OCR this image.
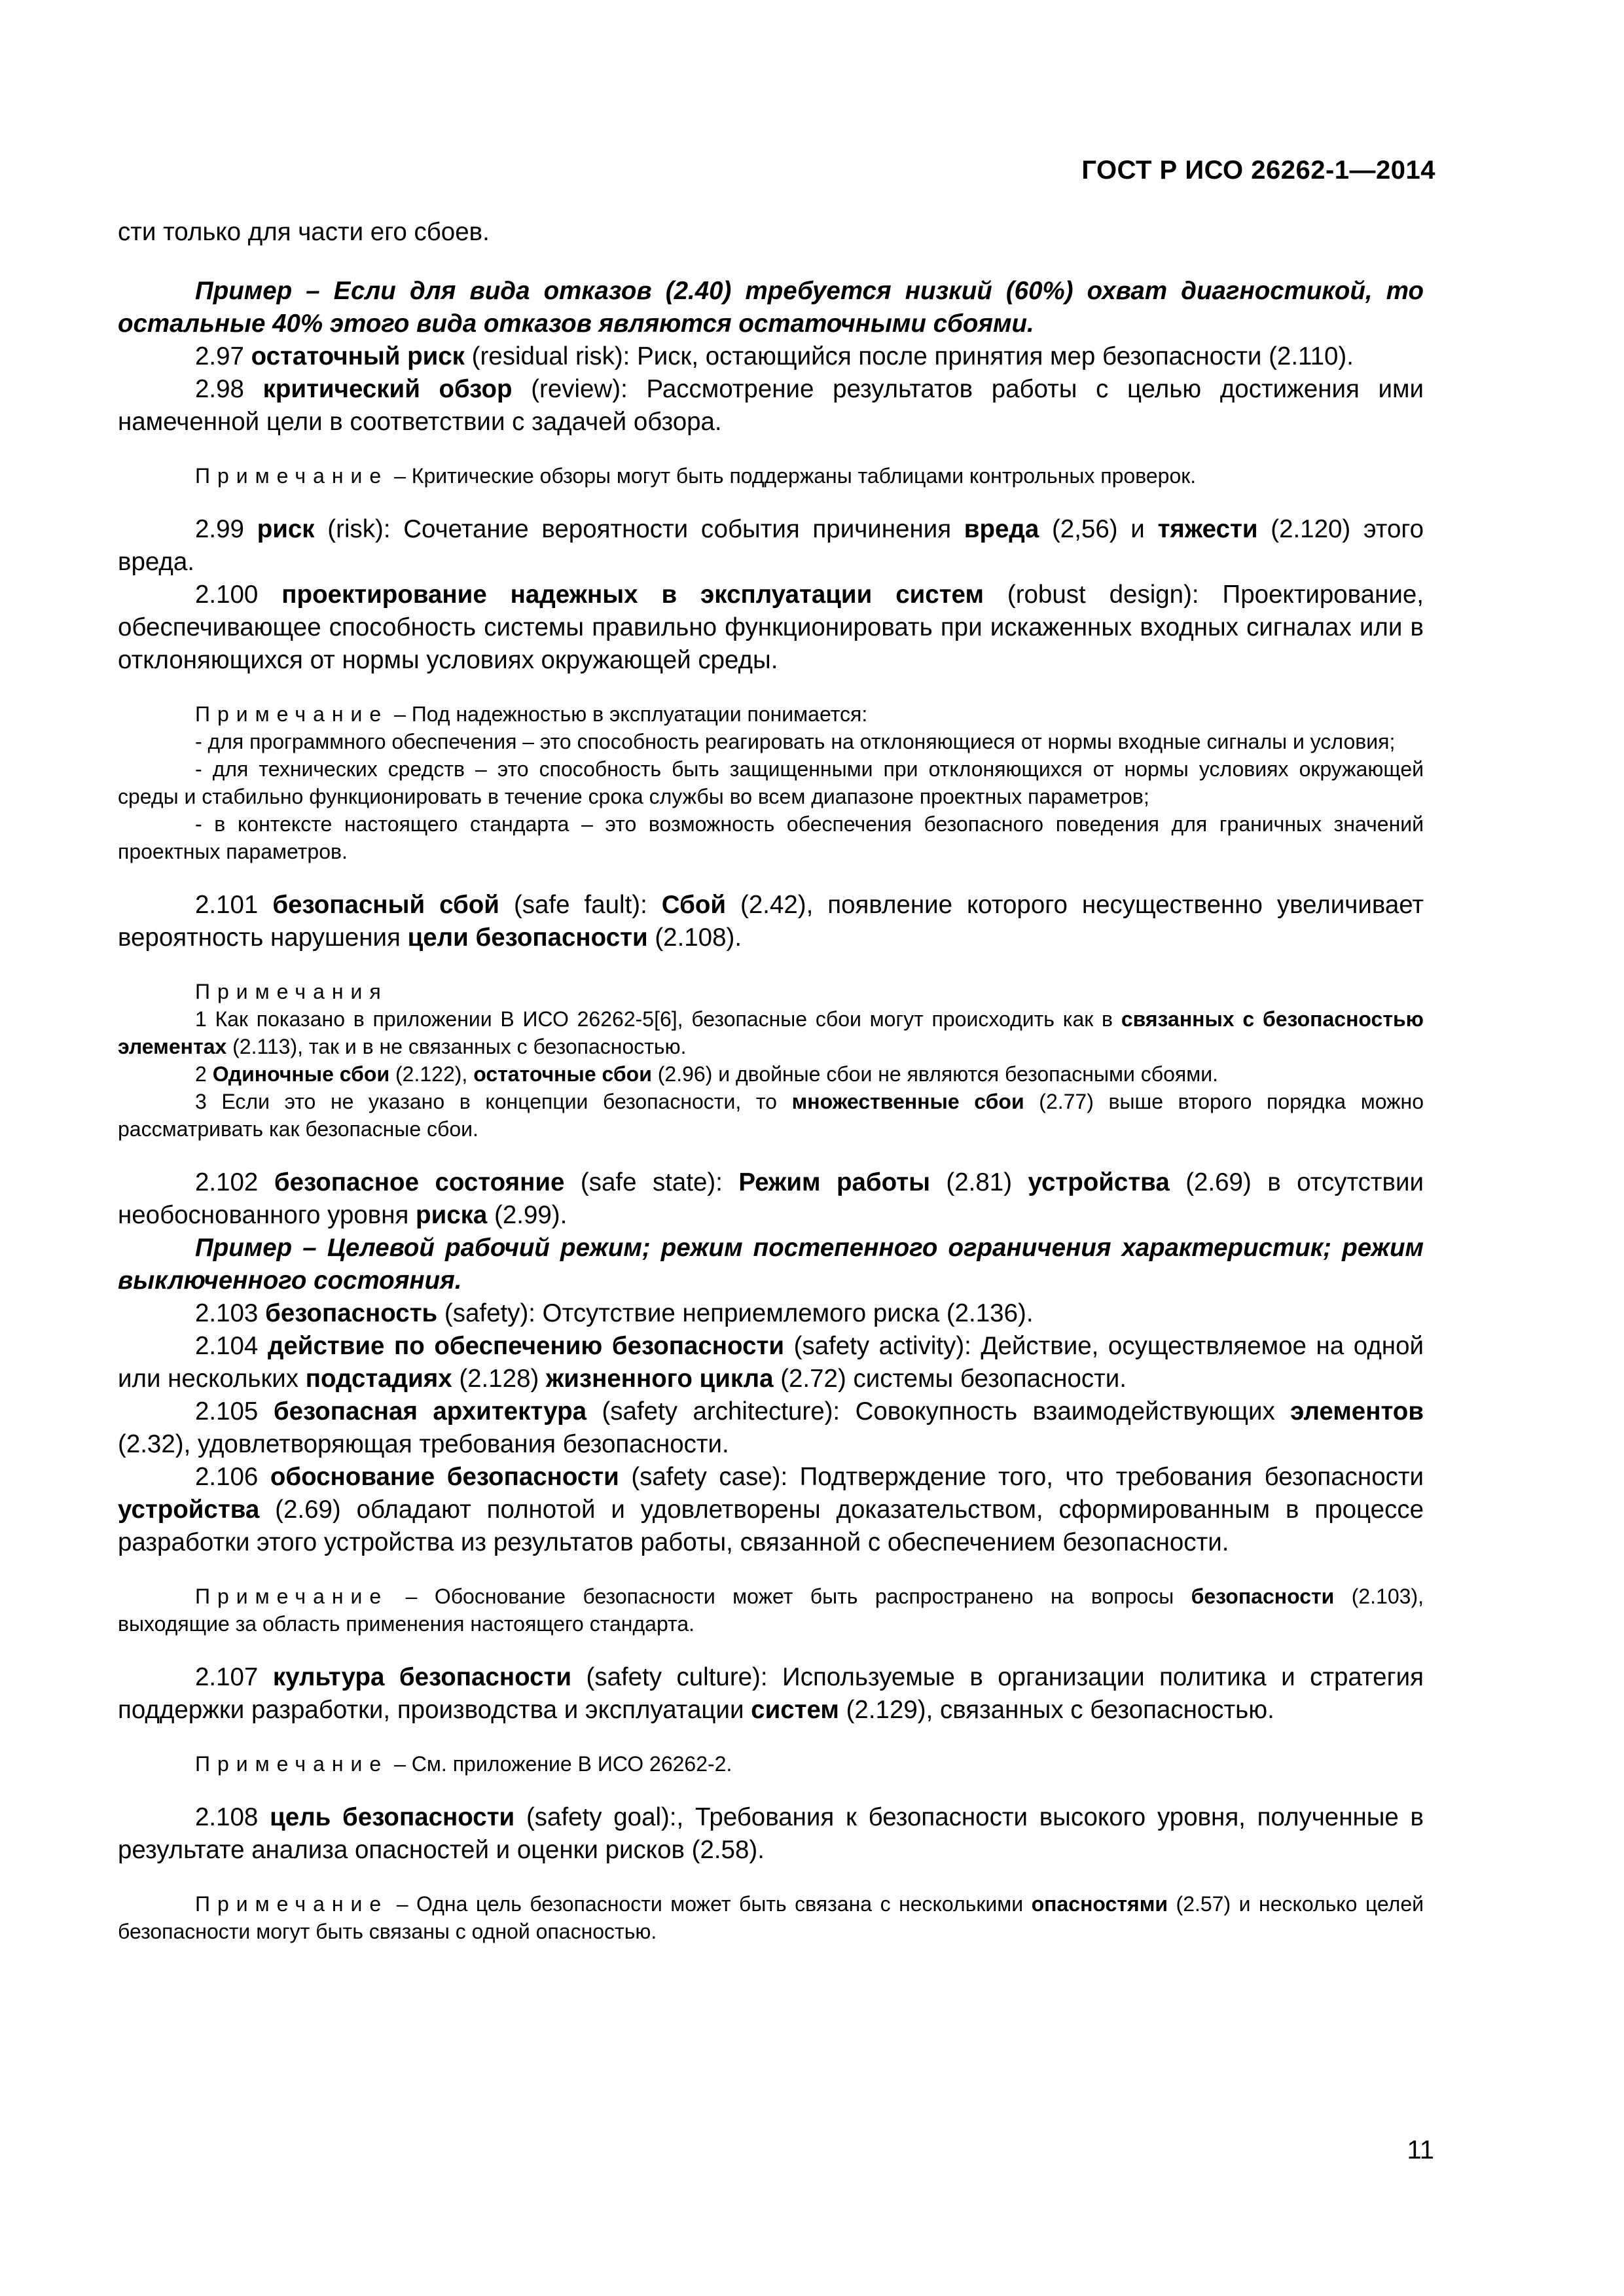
ГОСТ Р ИСО 26262-1—2014

сти только для части его сбоев.

Пример – Если для вида отказов (2.40) требуется низкий (60%) охват диагностикой, то остальные 40% этого вида отказов являются остаточными сбоями.

2.97 остаточный риск (residual risk): Риск, остающийся после принятия мер безопасности (2.110).

2.98 критический обзор (review): Рассмотрение результатов работы с целью достижения ими намеченной цели в соответствии с задачей обзора.

Примечание – Критические обзоры могут быть поддержаны таблицами контрольных проверок.

2.99 риск (risk): Сочетание вероятности события причинения вреда (2,56) и тяжести (2.120) этого вреда.

2.100 проектирование надежных в эксплуатации систем (robust design): Проектирование, обеспечивающее способность системы правильно функционировать при искаженных входных сигналах или в отклоняющихся от нормы условиях окружающей среды.

Примечание – Под надежностью в эксплуатации понимается:

- для программного обеспечения – это способность реагировать на отклоняющиеся от нормы входные сигналы и условия;

- для технических средств – это способность быть защищенными при отклоняющихся от нормы условиях окружающей среды и стабильно функционировать в течение срока службы во всем диапазоне проектных параметров;

- в контексте настоящего стандарта – это возможность обеспечения безопасного поведения для граничных значений проектных параметров.

2.101 безопасный сбой (safe fault): Сбой (2.42), появление которого несущественно увеличивает вероятность нарушения цели безопасности (2.108).

Примечания

1 Как показано в приложении В ИСО 26262-5[6], безопасные сбои могут происходить как в связанных с безопасностью элементах (2.113), так и в не связанных с безопасностью.

2 Одиночные сбои (2.122), остаточные сбои (2.96) и двойные сбои не являются безопасными сбоями.

3 Если это не указано в концепции безопасности, то множественные сбои (2.77) выше второго порядка можно рассматривать как безопасные сбои.

2.102 безопасное состояние (safe state): Режим работы (2.81) устройства (2.69) в отсутствии необоснованного уровня риска (2.99).

Пример – Целевой рабочий режим; режим постепенного ограничения характеристик; режим выключенного состояния.

2.103 безопасность (safety): Отсутствие неприемлемого риска (2.136).

2.104 действие по обеспечению безопасности (safety activity): Действие, осуществляемое на одной или нескольких подстадиях (2.128) жизненного цикла (2.72) системы безопасности.

2.105 безопасная архитектура (safety architecture): Совокупность взаимодействующих элементов (2.32), удовлетворяющая требования безопасности.

2.106 обоснование безопасности (safety case): Подтверждение того, что требования безопасности устройства (2.69) обладают полнотой и удовлетворены доказательством, сформированным в процессе разработки этого устройства из результатов работы, связанной с обеспечением безопасности.

Примечание – Обоснование безопасности может быть распространено на вопросы безопасности (2.103), выходящие за область применения настоящего стандарта.

2.107 культура безопасности (safety culture): Используемые в организации политика и стратегия поддержки разработки, производства и эксплуатации систем (2.129), связанных с безопасностью.

Примечание – См. приложение В ИСО 26262-2.

2.108 цель безопасности (safety goal):, Требования к безопасности высокого уровня, полученные в результате анализа опасностей и оценки рисков (2.58).

Примечание – Одна цель безопасности может быть связана с несколькими опасностями (2.57) и несколько целей безопасности могут быть связаны с одной опасностью.

11
